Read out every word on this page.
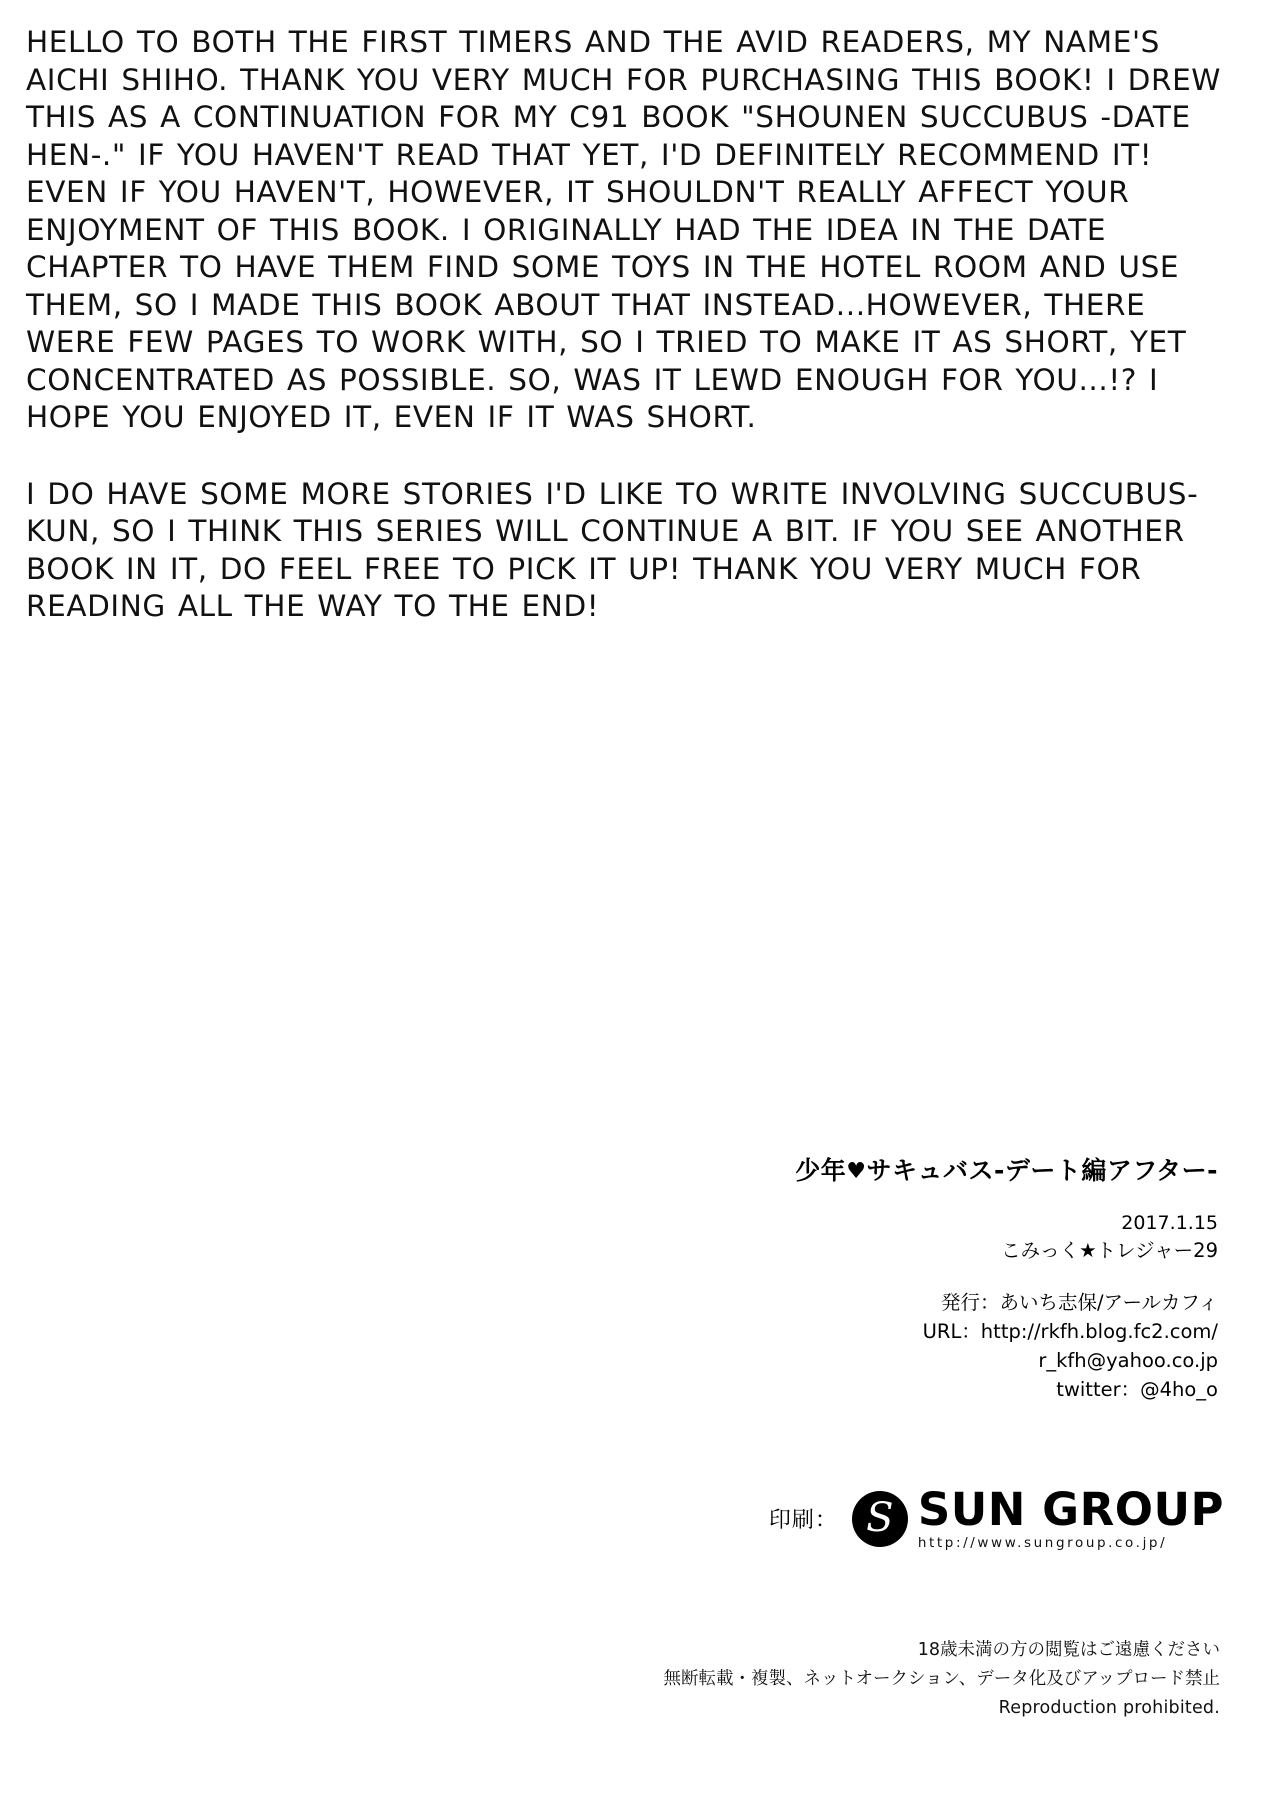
HELLO TO BOTH THE FIRST TIMERS AND THE AVID READERS, MY NAME'S AICHI SHIHO. THANK YOU VERY MUCH FOR PURCHASING THIS BOOK! I DREW THIS AS A CONTINUATION FOR MY C91 BOOK "SHOUNEN SUCCUBUS -DATE HEN-." IF YOU HAVEN'T READ THAT YET, I'D DEFINITELY RECOMMEND IT! EVEN IF YOU HAVEN'T, HOWEVER, IT SHOULDN'T REALLY AFFECT YOUR ENJOYMENT OF THIS BOOK. I ORIGINALLY HAD THE IDEA IN THE DATE CHAPTER TO HAVE THEM FIND SOME TOYS IN THE HOTEL ROOM AND USE THEM, SO I MADE THIS BOOK ABOUT THAT INSTEAD...HOWEVER, THERE WERE FEW PAGES TO WORK WITH, SO I TRIED TO MAKE IT AS SHORT, YET CONCENTRATED AS POSSIBLE. SO, WAS IT LEWD ENOUGH FOR YOU...!? I HOPE YOU ENJOYED IT, EVEN IF IT WAS SHORT.

I DO HAVE SOME MORE STORIES I'D LIKE TO WRITE INVOLVING SUCCUBUS-KUN, SO I THINK THIS SERIES WILL CONTINUE A BIT. IF YOU SEE ANOTHER BOOK IN IT, DO FEEL FREE TO PICK IT UP! THANK YOU VERY MUCH FOR READING ALL THE WAY TO THE END!

少年♥サキュバス-デート編アフター-
2017.1.15
こみっく★トレジャー29
発行：あいち志保/アールカフィ
URL：http://rkfh.blog.fc2.com/
r_kfh@yahoo.co.jp
twitter：@4ho_o
印刷： S SUN GROUP
http://www.sungroup.co.jp/
18歳未満の方の閲覧はご遠慮ください
無断転載・複製、ネットオークション、データ化及びアップロード禁止
Reproduction prohibited.
